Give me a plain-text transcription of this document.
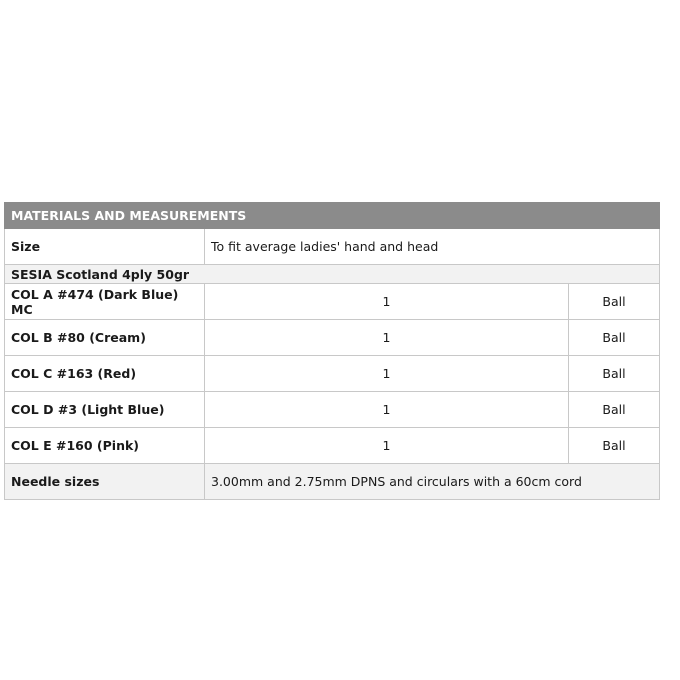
MATERIALS AND MEASUREMENTS		
Size	To fit average ladies' hand and head	
SESIA Scotland 4ply 50gr		
COL A #474 (Dark Blue) MC	1	Ball
COL B #80 (Cream)	1	Ball
COL C #163 (Red)	1	Ball
COL D #3 (Light Blue)	1	Ball
COL E #160 (Pink)	1	Ball
Needle sizes	3.00mm and 2.75mm DPNS and circulars with a 60cm cord	
